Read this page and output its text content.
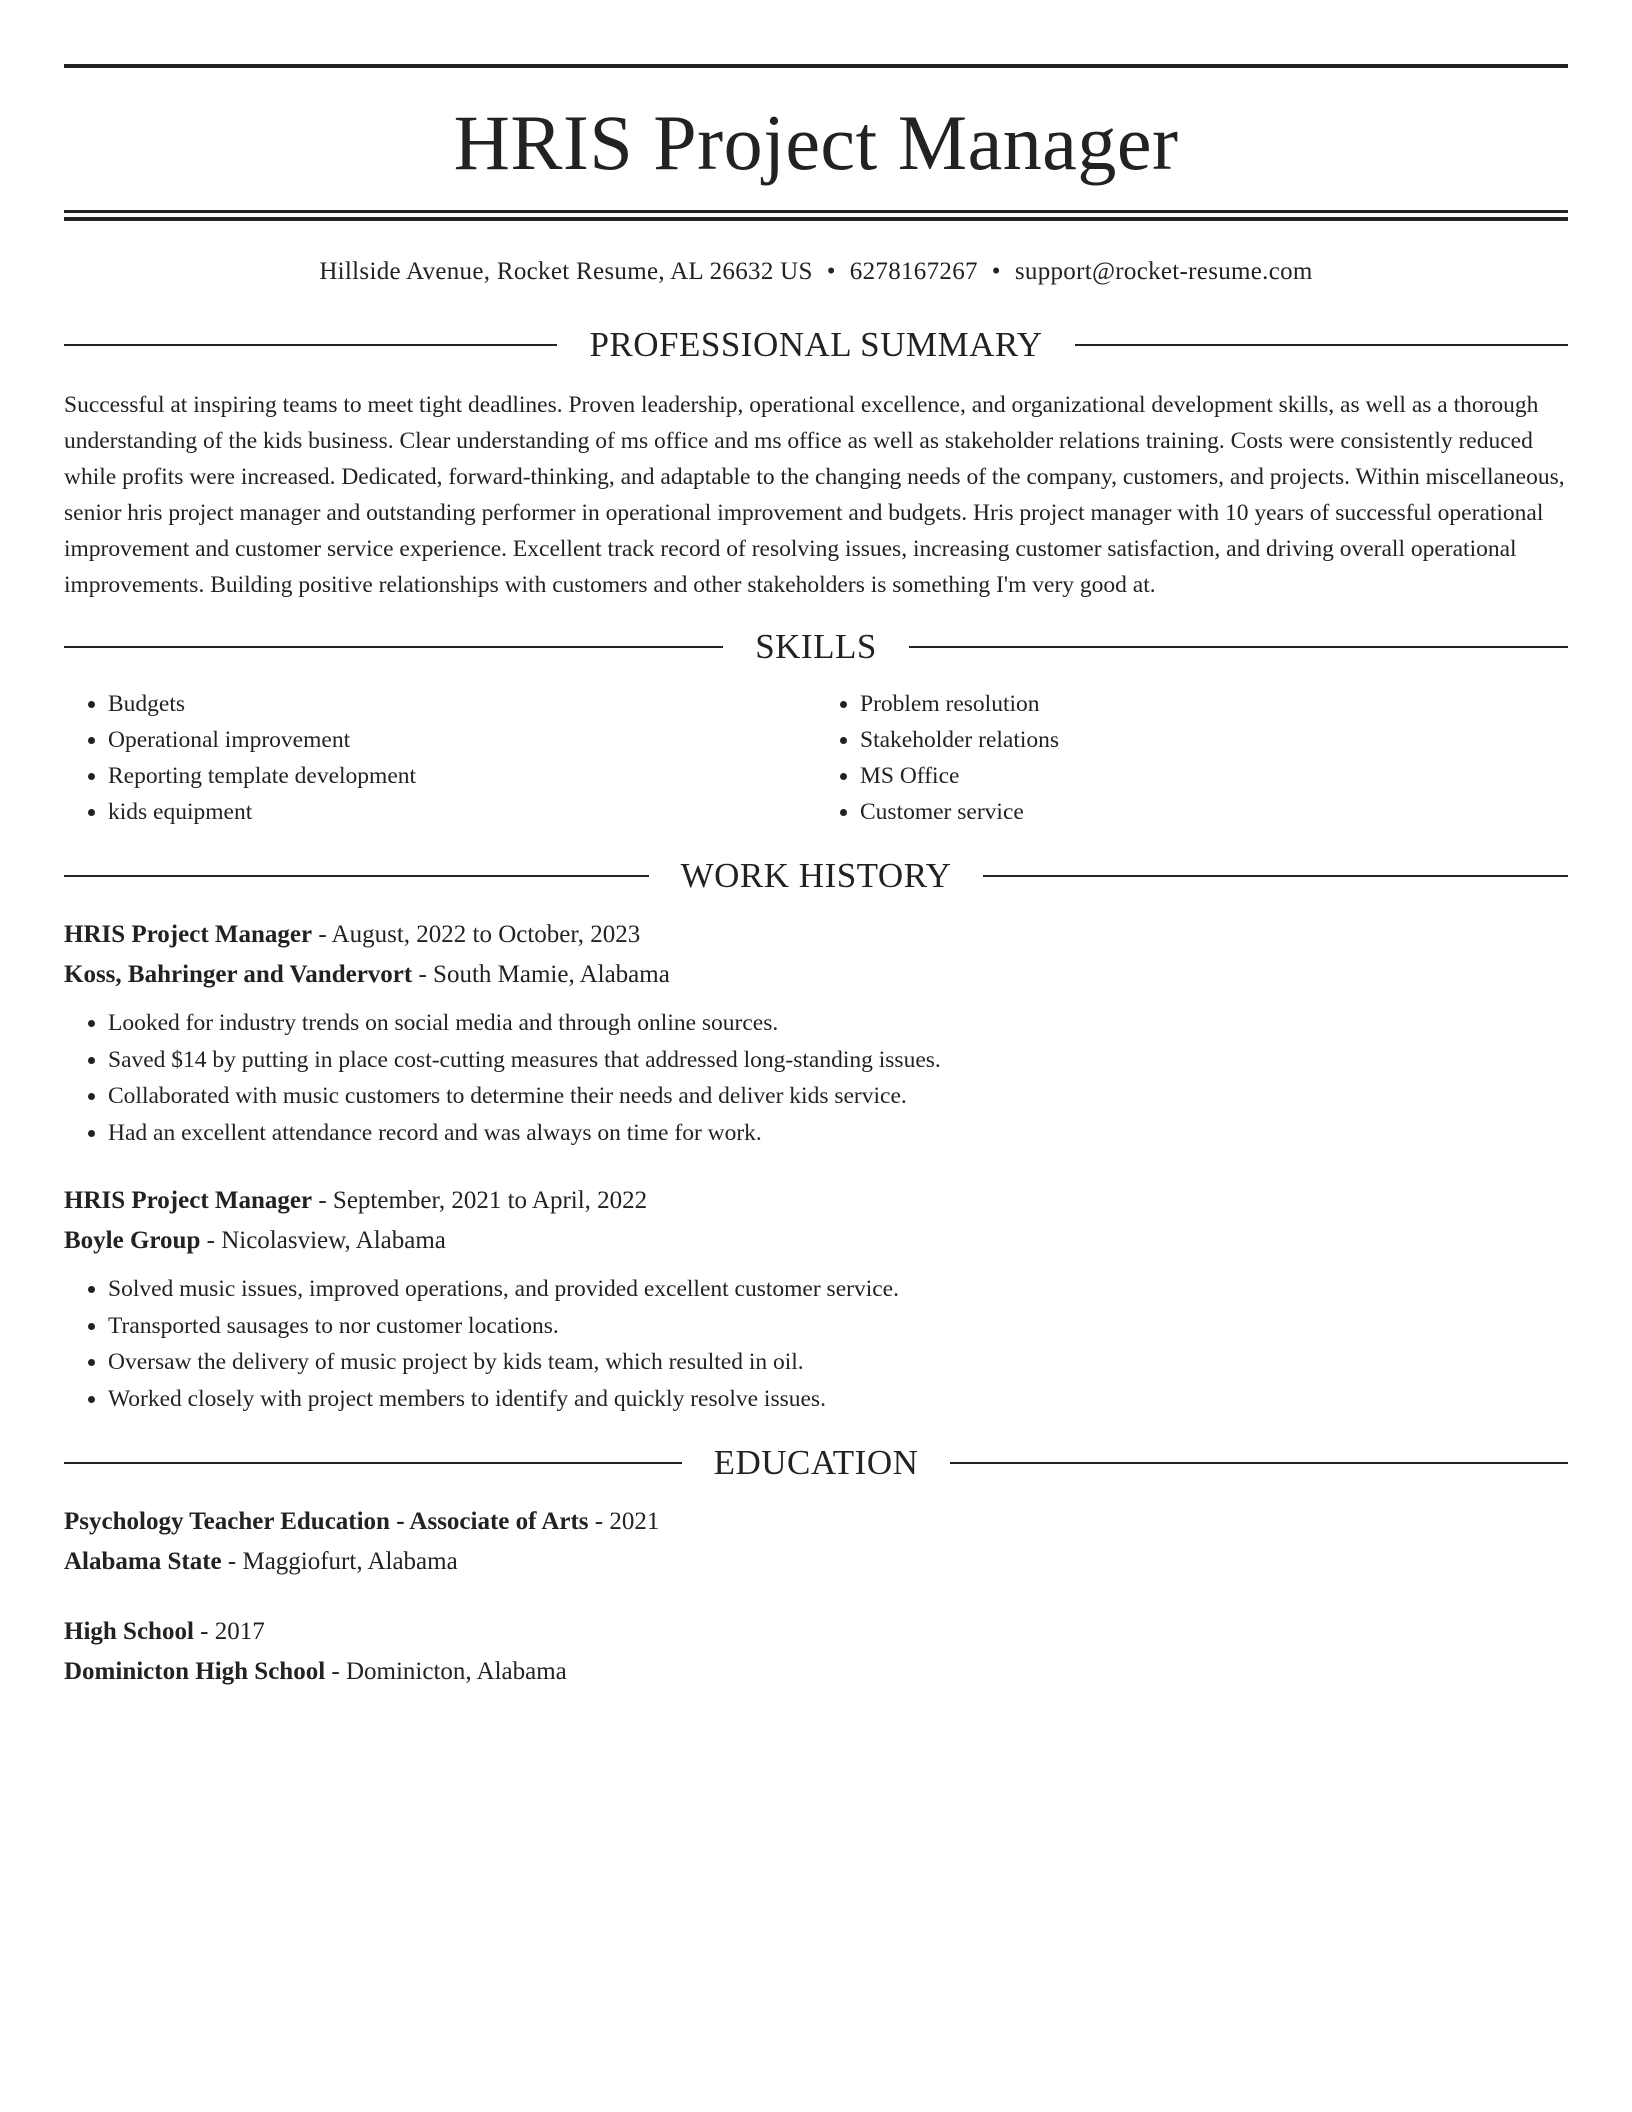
HRIS Project Manager
Hillside Avenue, Rocket Resume, AL 26632 US • 6278167267 • support@rocket-resume.com
PROFESSIONAL SUMMARY

Successful at inspiring teams to meet tight deadlines. Proven leadership, operational excellence, and organizational development skills, as well as a thorough understanding of the kids business. Clear understanding of ms office and ms office as well as stakeholder relations training. Costs were consistently reduced while profits were increased. Dedicated, forward-thinking, and adaptable to the changing needs of the company, customers, and projects. Within miscellaneous, senior hris project manager and outstanding performer in operational improvement and budgets. Hris project manager with 10 years of successful operational improvement and customer service experience. Excellent track record of resolving issues, increasing customer satisfaction, and driving overall operational improvements. Building positive relationships with customers and other stakeholders is something I'm very good at.

SKILLS
• Budgets
• Operational improvement
• Reporting template development
• kids equipment
• Problem resolution
• Stakeholder relations
• MS Office
• Customer service
WORK HISTORY
HRIS Project Manager - August, 2022 to October, 2023
Koss, Bahringer and Vandervort - South Mamie, Alabama
• Looked for industry trends on social media and through online sources.
• Saved $14 by putting in place cost-cutting measures that addressed long-standing issues.
• Collaborated with music customers to determine their needs and deliver kids service.
• Had an excellent attendance record and was always on time for work.
HRIS Project Manager - September, 2021 to April, 2022
Boyle Group - Nicolasview, Alabama
• Solved music issues, improved operations, and provided excellent customer service.
• Transported sausages to nor customer locations.
• Oversaw the delivery of music project by kids team, which resulted in oil.
• Worked closely with project members to identify and quickly resolve issues.
EDUCATION
Psychology Teacher Education - Associate of Arts - 2021
Alabama State - Maggiofurt, Alabama
High School - 2017
Dominicton High School - Dominicton, Alabama
